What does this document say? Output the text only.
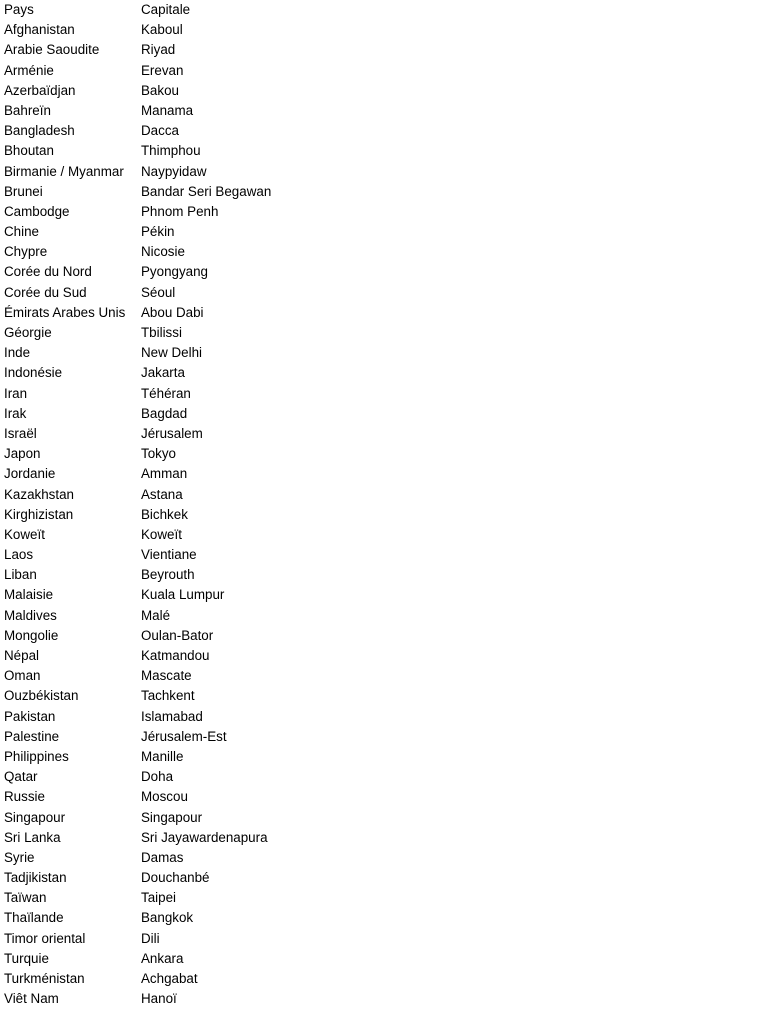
Pays	Capitale
Afghanistan	Kaboul
Arabie Saoudite	Riyad
Arménie	Erevan
Azerbaïdjan	Bakou
Bahreïn	Manama
Bangladesh	Dacca
Bhoutan	Thimphou
Birmanie / Myanmar	Naypyidaw
Brunei	Bandar Seri Begawan
Cambodge	Phnom Penh
Chine	Pékin
Chypre	Nicosie
Corée du Nord	Pyongyang
Corée du Sud	Séoul
Émirats Arabes Unis	Abou Dabi
Géorgie	Tbilissi
Inde	New Delhi
Indonésie	Jakarta
Iran	Téhéran
Irak	Bagdad
Israël	Jérusalem
Japon	Tokyo
Jordanie	Amman
Kazakhstan	Astana
Kirghizistan	Bichkek
Koweït	Koweït
Laos	Vientiane
Liban	Beyrouth
Malaisie	Kuala Lumpur
Maldives	Malé
Mongolie	Oulan-Bator
Népal	Katmandou
Oman	Mascate
Ouzbékistan	Tachkent
Pakistan	Islamabad
Palestine	Jérusalem-Est
Philippines	Manille
Qatar	Doha
Russie	Moscou
Singapour	Singapour
Sri Lanka	Sri Jayawardenapura
Syrie	Damas
Tadjikistan	Douchanbé
Taïwan	Taipei
Thaïlande	Bangkok
Timor oriental	Dili
Turquie	Ankara
Turkménistan	Achgabat
Viêt Nam	Hanoï
